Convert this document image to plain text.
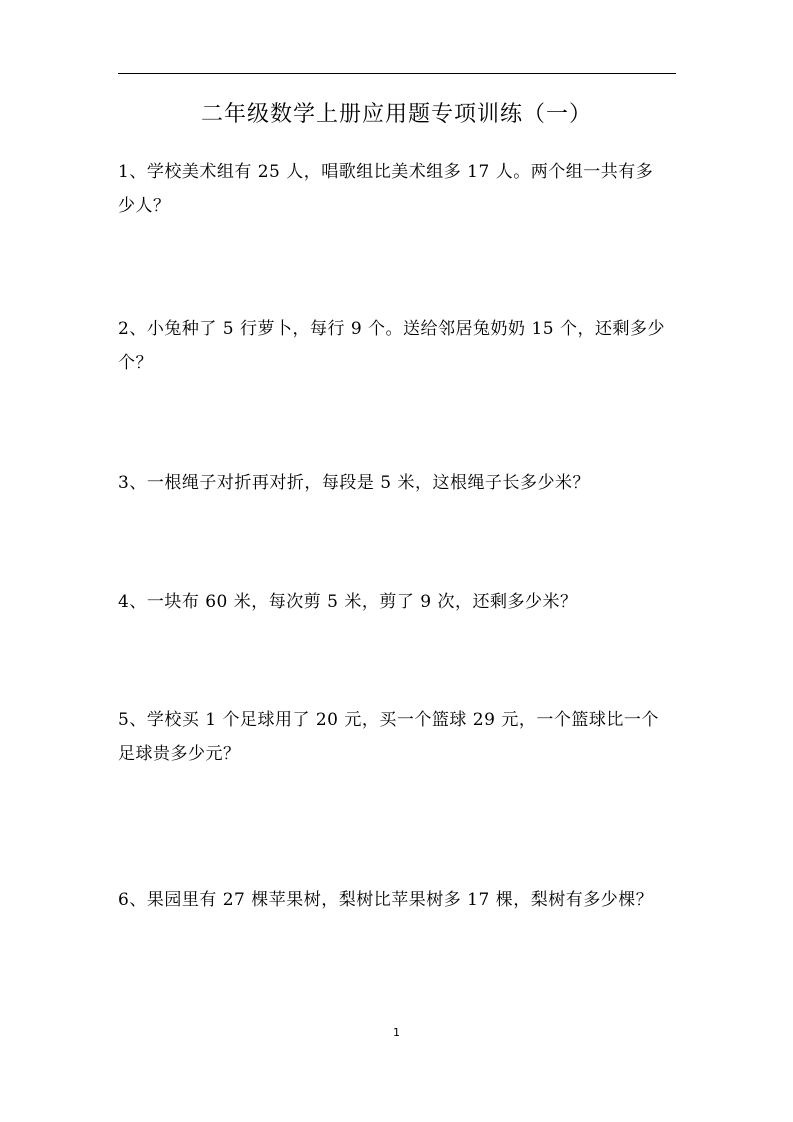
二年级数学上册应用题专项训练（一）
1、学校美术组有 25 人，唱歌组比美术组多 17 人。两个组一共有多
少人？
2、小兔种了 5 行萝卜，每行 9 个。送给邻居兔奶奶 15 个，还剩多少
个？
3、一根绳子对折再对折，每段是 5 米，这根绳子长多少米？
4、一块布 60 米，每次剪 5 米，剪了 9 次，还剩多少米？
5、学校买 1 个足球用了 20 元，买一个篮球 29 元，一个篮球比一个
足球贵多少元？
6、果园里有 27 棵苹果树，梨树比苹果树多 17 棵，梨树有多少棵？
1
